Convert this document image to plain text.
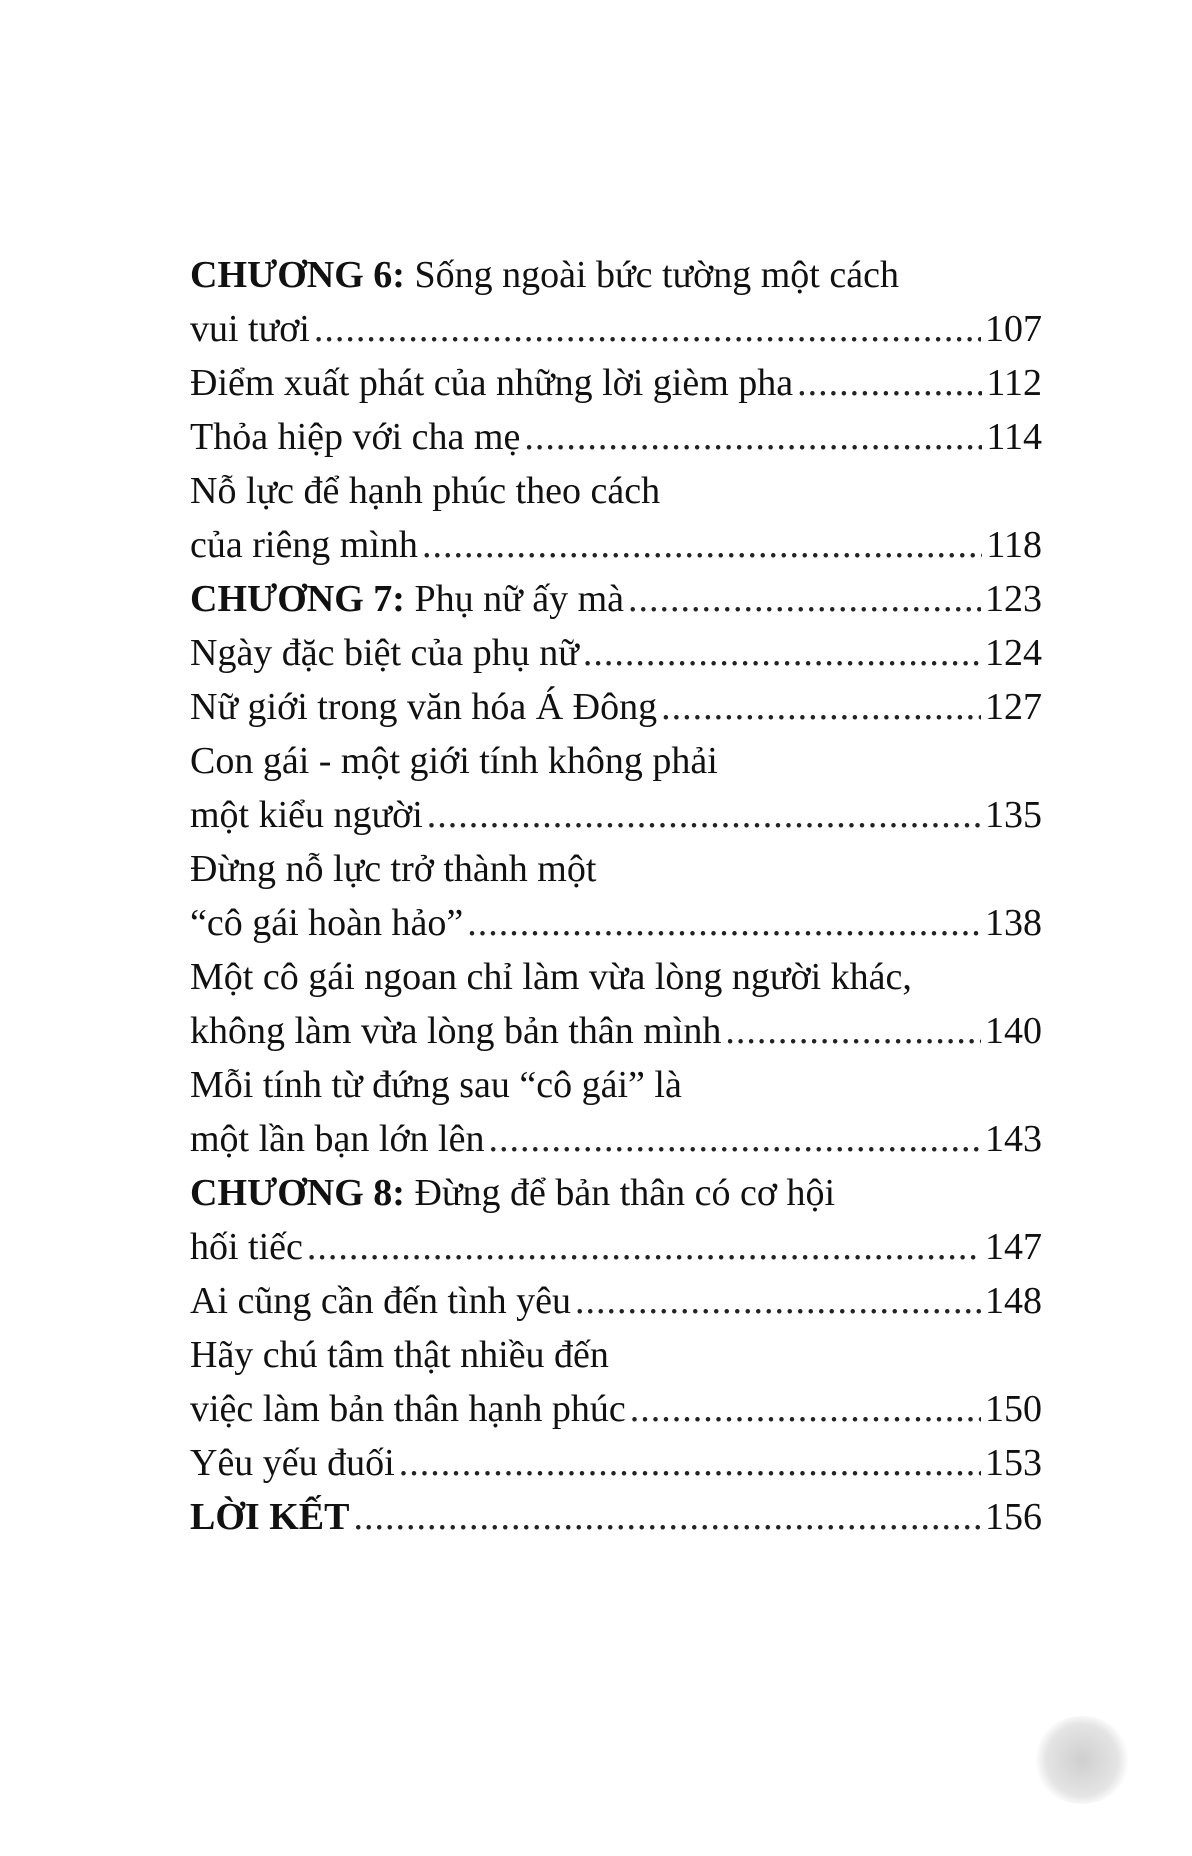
CHƯƠNG 6: Sống ngoài bức tường một cách
vui tươi .....	107
Điểm xuất phát của những lời gièm pha .....	112
Thỏa hiệp với cha mẹ .....	114
Nỗ lực để hạnh phúc theo cách
của riêng mình .....	118
CHƯƠNG 7: Phụ nữ ấy mà .....	123
Ngày đặc biệt của phụ nữ .....	124
Nữ giới trong văn hóa Á Đông .....	127
Con gái - một giới tính không phải
một kiểu người .....	135
Đừng nỗ lực trở thành một
“cô gái hoàn hảo” .....	138
Một cô gái ngoan chỉ làm vừa lòng người khác,
không làm vừa lòng bản thân mình .....	140
Mỗi tính từ đứng sau “cô gái” là
một lần bạn lớn lên .....	143
CHƯƠNG 8: Đừng để bản thân có cơ hội
hối tiếc .....	147
Ai cũng cần đến tình yêu .....	148
Hãy chú tâm thật nhiều đến
việc làm bản thân hạnh phúc .....	150
Yêu yếu đuối .....	153
LỜI KẾT .....	156
